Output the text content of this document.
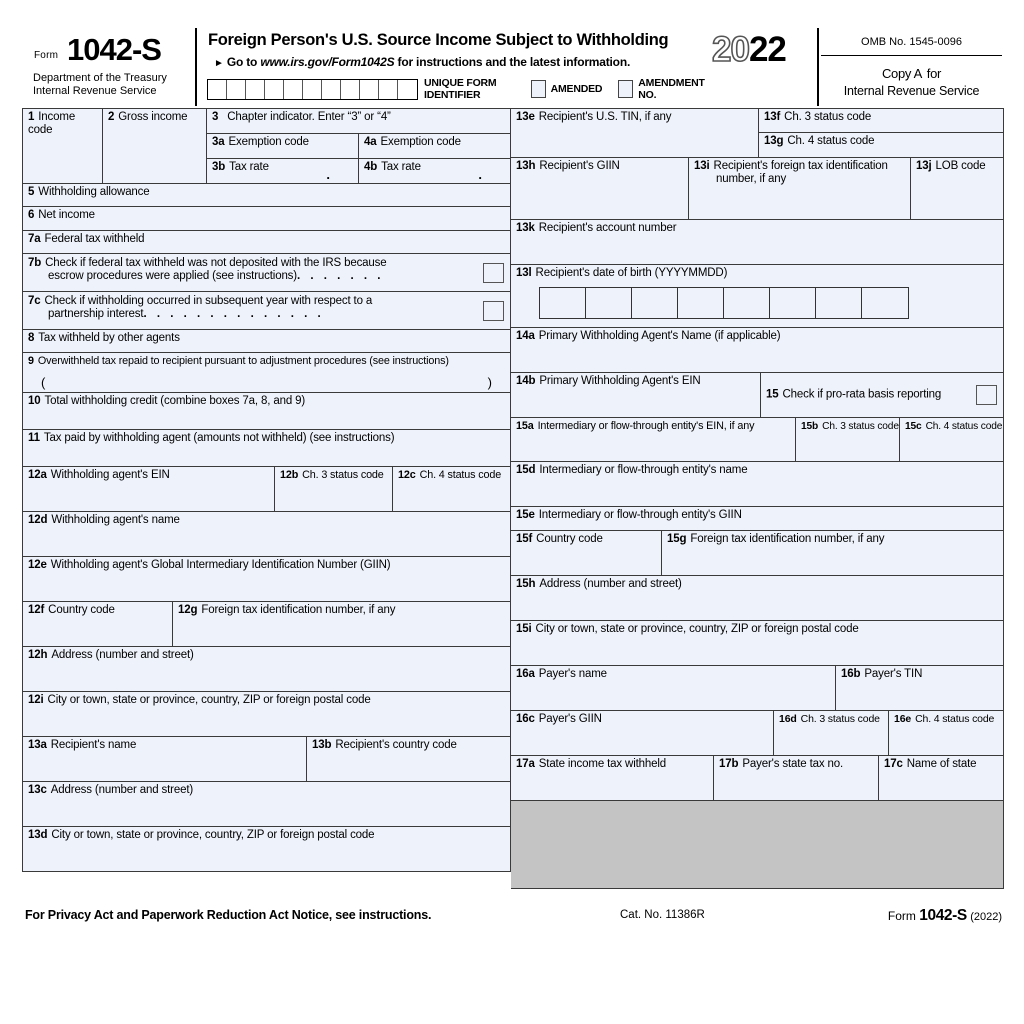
Form 1042-S
Department of the Treasury
Internal Revenue Service
Foreign Person's U.S. Source Income Subject to Withholding
► Go to www.irs.gov/Form1042S for instructions and the latest information.
UNIQUE FORM IDENTIFIER	AMENDED	AMENDMENT NO.
2022	OMB No. 1545-0096
Copy A for
Internal Revenue Service
1 Income code
2 Gross income	3 Chapter indicator. Enter “3” or “4”
3a Exemption code	4a Exemption code
3b Tax rate	.	4b Tax rate	.
5 Withholding allowance
6 Net income
7a Federal tax withheld
7b Check if federal tax withheld was not deposited with the IRS because
escrow procedures were applied (see instructions). . . . . . .
7c Check if withholding occurred in subsequent year with respect to a
partnership interest. . . . . . . . . . . . . .
8 Tax withheld by other agents
9 Overwithheld tax repaid to recipient pursuant to adjustment procedures (see instructions)
(	)
10 Total withholding credit (combine boxes 7a, 8, and 9)
11 Tax paid by withholding agent (amounts not withheld) (see instructions)
12a Withholding agent's EIN	12b Ch. 3 status code	12c Ch. 4 status code
12d Withholding agent's name
12e Withholding agent's Global Intermediary Identification Number (GIIN)
12f Country code	12g Foreign tax identification number, if any
12h Address (number and street)
12i City or town, state or province, country, ZIP or foreign postal code
13a Recipient's name	13b Recipient's country code
13c Address (number and street)
13d City or town, state or province, country, ZIP or foreign postal code
13e Recipient's U.S. TIN, if any	13f Ch. 3 status code
13g Ch. 4 status code
13h Recipient's GIIN	13i Recipient's foreign tax identification
number, if any
13j LOB code
13k Recipient's account number
13l Recipient's date of birth (YYYYMMDD)
14a Primary Withholding Agent's Name (if applicable)
14b Primary Withholding Agent's EIN
15 Check if pro-rata basis reporting
15a Intermediary or flow-through entity's EIN, if any	15b Ch. 3 status code 15c Ch. 4 status code
15d Intermediary or flow-through entity's name
15e Intermediary or flow-through entity's GIIN
15f Country code	15g Foreign tax identification number, if any
15h Address (number and street)
15i City or town, state or province, country, ZIP or foreign postal code
16a Payer's name	16b Payer's TIN
16c Payer's GIIN	16d Ch. 3 status code	16e Ch. 4 status code
17a State income tax withheld	17b Payer's state tax no.	17c Name of state
For Privacy Act and Paperwork Reduction Act Notice, see instructions.	Cat. No. 11386R	Form 1042-S (2022)
